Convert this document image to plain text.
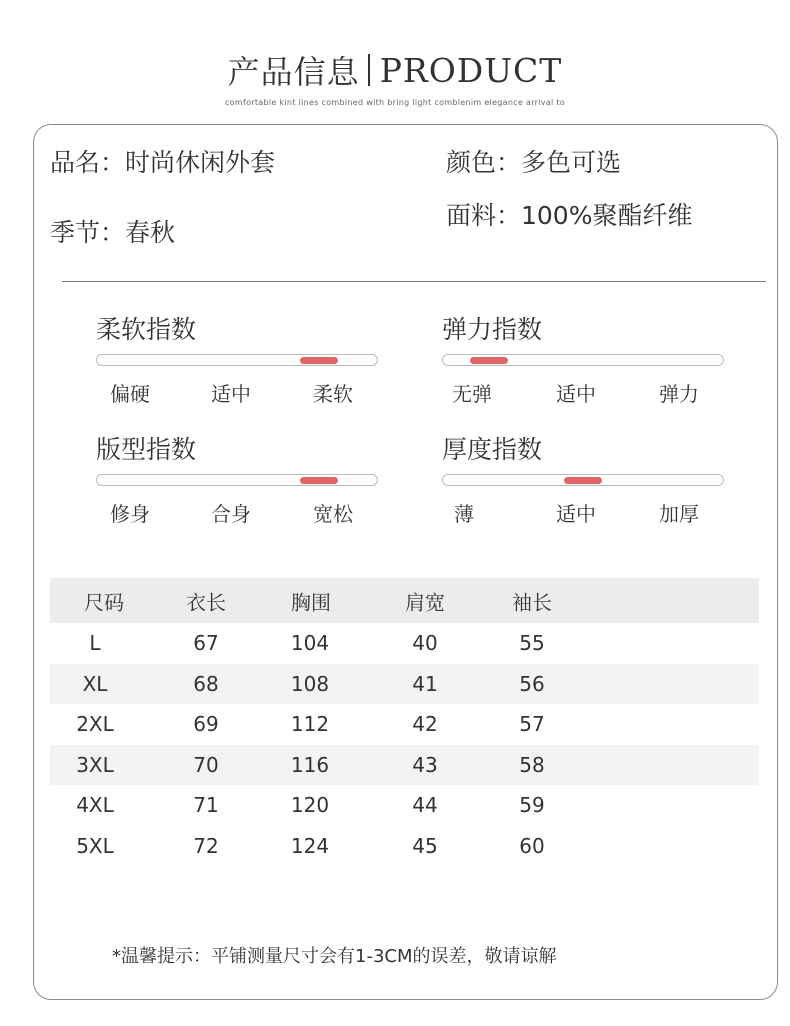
产品信息 PRODUCT
comfortable kint lines combined with bring light comblenim elegance arrival to
品名：时尚休闲外套
季节：春秋
颜色：多色可选
面料：100%聚酯纤维
柔软指数
偏硬	适中	柔软
弹力指数
无弹	适中	弹力
版型指数
修身	合身	宽松
厚度指数
薄	适中	加厚
尺码	衣长	胸围	肩宽	袖长
L	67	104	40	55
XL	68	108	41	56
2XL	69	112	42	57
3XL	70	116	43	58
4XL	71	120	44	59
5XL	72	124	45	60
*温馨提示：平铺测量尺寸会有1-3CM的误差，敬请谅解
